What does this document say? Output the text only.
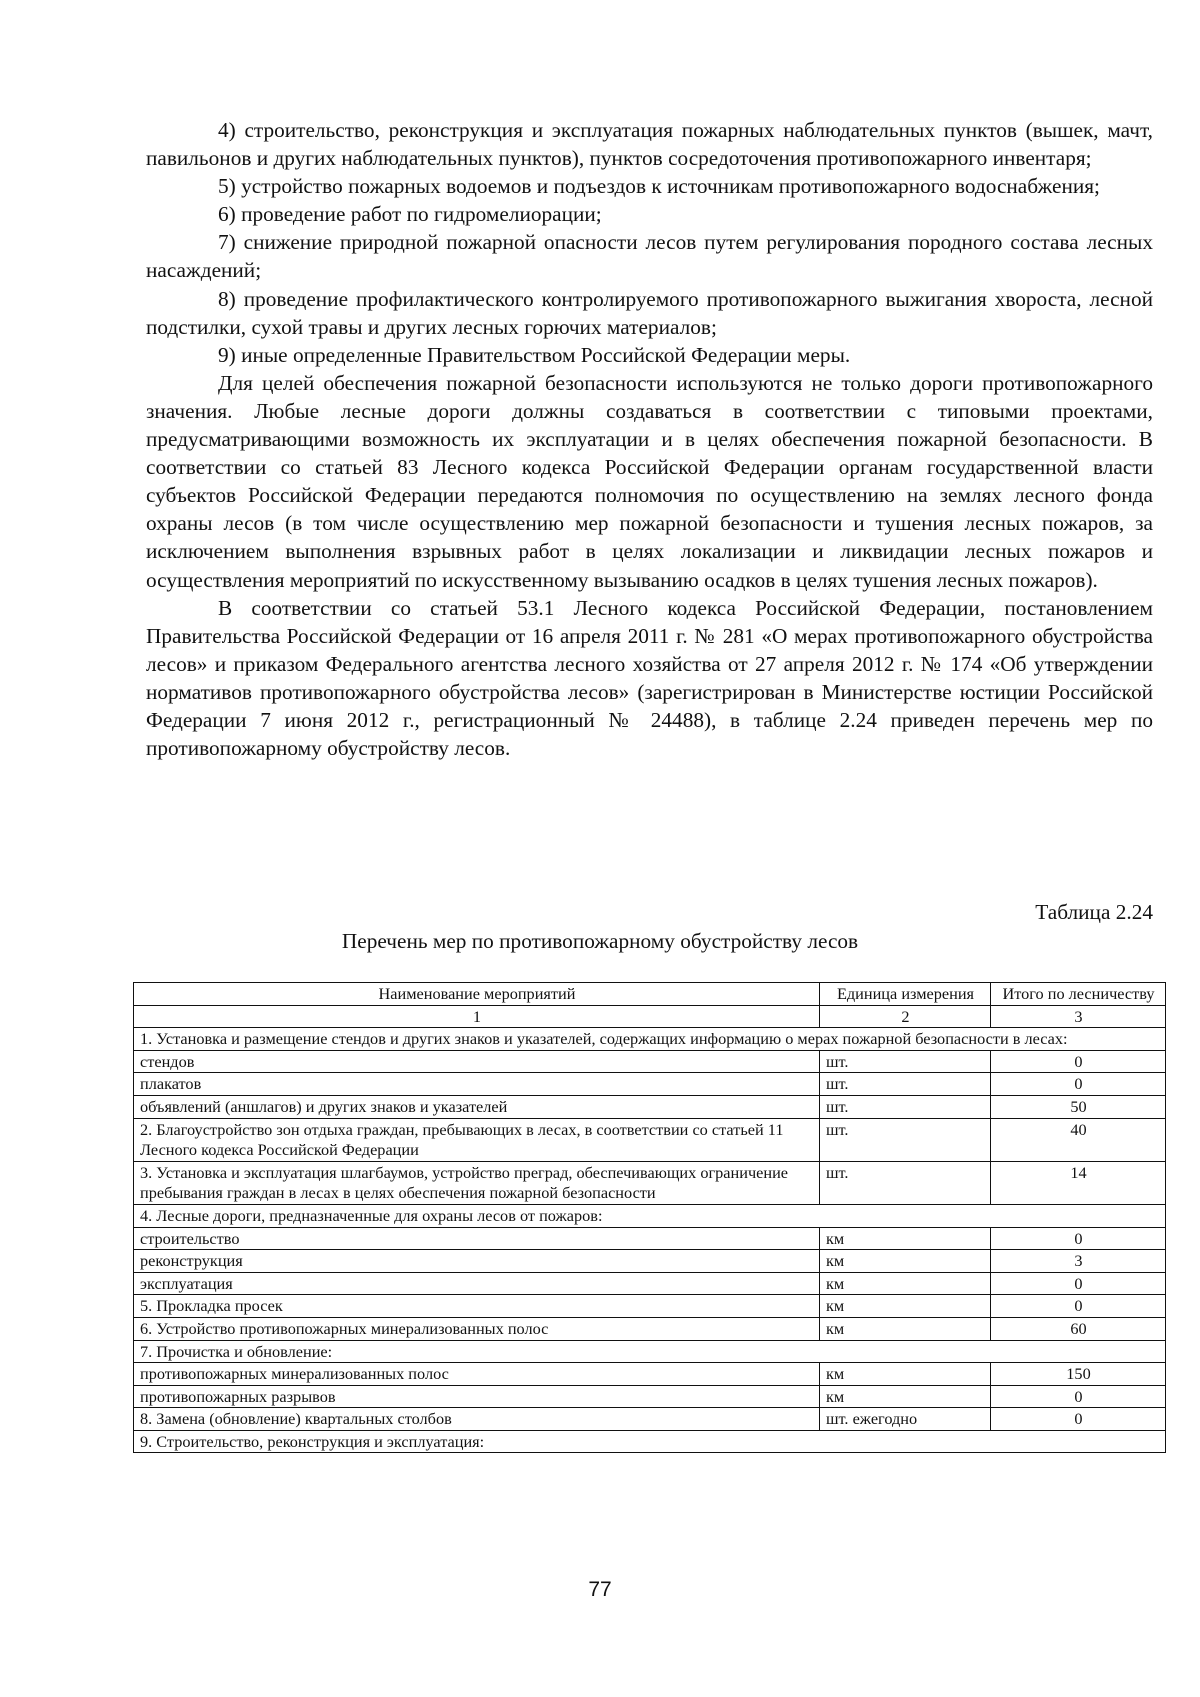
4) строительство, реконструкция и эксплуатация пожарных наблюдательных пунктов (вышек, мачт, павильонов и других наблюдательных пунктов), пунктов сосредоточения противопожарного инвентаря;

5) устройство пожарных водоемов и подъездов к источникам противопожарного водоснабжения;

6) проведение работ по гидромелиорации;

7) снижение природной пожарной опасности лесов путем регулирования породного состава лесных насаждений;

8) проведение профилактического контролируемого противопожарного выжигания хвороста, лесной подстилки, сухой травы и других лесных горючих материалов;

9) иные определенные Правительством Российской Федерации меры.

Для целей обеспечения пожарной безопасности используются не только дороги противопожарного значения. Любые лесные дороги должны создаваться в соответствии с типовыми проектами, предусматривающими возможность их эксплуатации и в целях обеспечения пожарной безопасности. В соответствии со статьей 83 Лесного кодекса Российской Федерации органам государственной власти субъектов Российской Федерации передаются полномочия по осуществлению на землях лесного фонда охраны лесов (в том числе осуществлению мер пожарной безопасности и тушения лесных пожаров, за исключением выполнения взрывных работ в целях локализации и ликвидации лесных пожаров и осуществления мероприятий по искусственному вызыванию осадков в целях тушения лесных пожаров).

В соответствии со статьей 53.1 Лесного кодекса Российской Федерации, постановлением Правительства Российской Федерации от 16 апреля 2011 г. № 281 «О мерах противопожарного обустройства лесов» и приказом Федерального агентства лесного хозяйства от 27 апреля 2012 г. № 174 «Об утверждении нормативов противопожарного обустройства лесов» (зарегистрирован в Министерстве юстиции Российской Федерации 7 июня 2012 г., регистрационный № 24488), в таблице 2.24 приведен перечень мер по противопожарному обустройству лесов.

Таблица 2.24
Перечень мер по противопожарному обустройству лесов
Наименование мероприятий	Единица измерения	Итого по лесничеству
1	2	3
1. Установка и размещение стендов и других знаков и указателей, содержащих информацию о мерах пожарной безопасности в лесах:		
стендов	шт.	0
плакатов	шт.	0
объявлений (аншлагов) и других знаков и указателей	шт.	50
2. Благоустройство зон отдыха граждан, пребывающих в лесах, в соответствии со статьей 11 Лесного кодекса Российской Федерации	шт.	40
3. Установка и эксплуатация шлагбаумов, устройство преград, обеспечивающих ограничение пребывания граждан в лесах в целях обеспечения пожарной безопасности	шт.	14
4. Лесные дороги, предназначенные для охраны лесов от пожаров:		
строительство	км	0
реконструкция	км	3
эксплуатация	км	0
5. Прокладка просек	км	0
6. Устройство противопожарных минерализованных полос	км	60
7. Прочистка и обновление:		
противопожарных минерализованных полос	км	150
противопожарных разрывов	км	0
8. Замена (обновление) квартальных столбов	шт. ежегодно	0
9. Строительство, реконструкция и эксплуатация:		
77
